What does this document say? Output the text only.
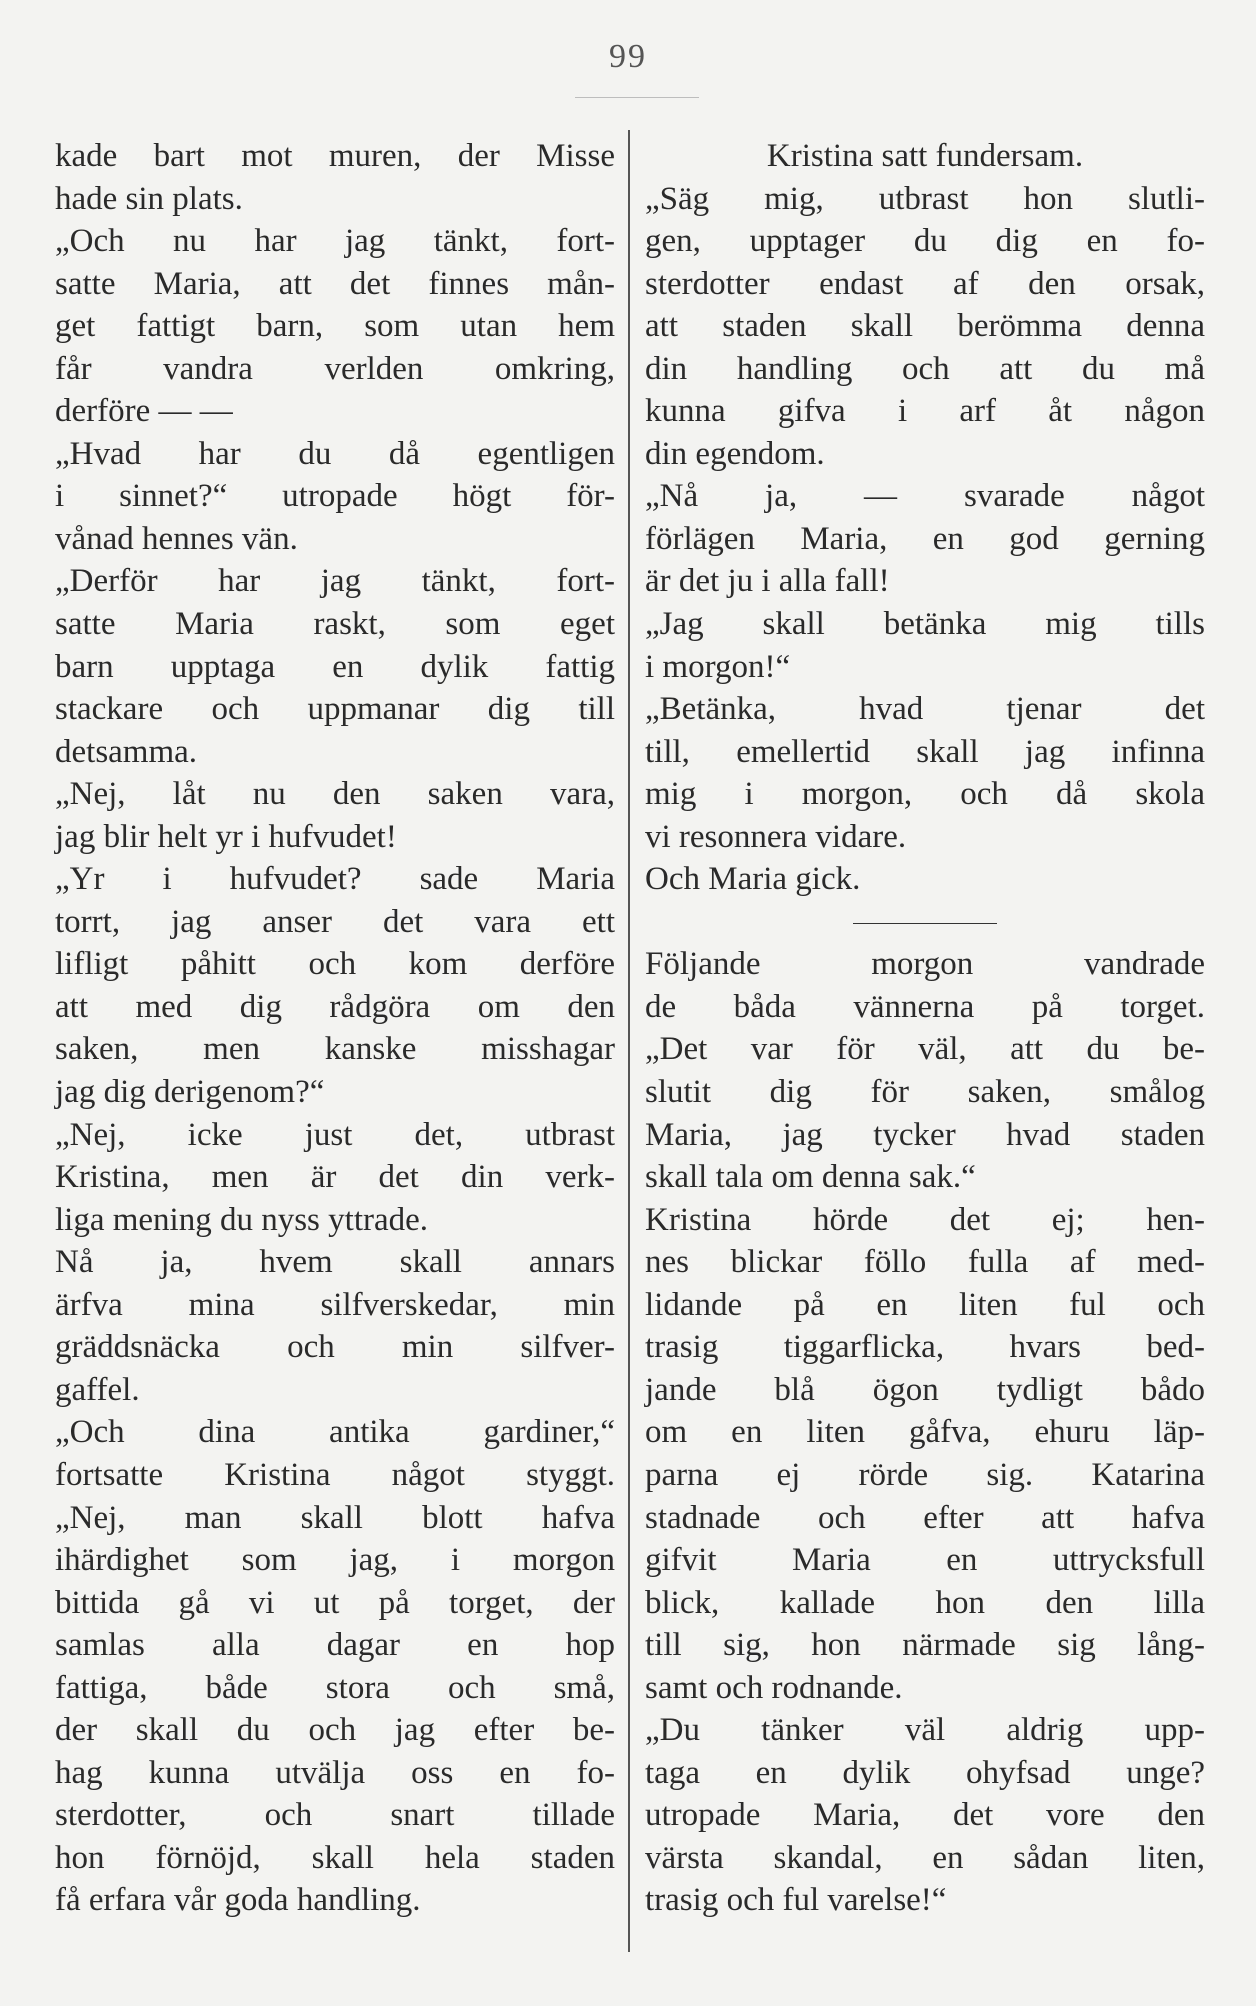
99
kade bart mot muren, der Misse
hade sin plats.
„Och nu har jag tänkt, fort-
satte Maria, att det finnes mån-
get fattigt barn, som utan hem
får vandra verlden omkring,
derföre — —
„Hvad har du då egentligen
i sinnet?“ utropade högt för-
vånad hennes vän.
„Derför har jag tänkt, fort-
satte Maria raskt, som eget
barn upptaga en dylik fattig
stackare och uppmanar dig till
detsamma.
„Nej, låt nu den saken vara,
jag blir helt yr i hufvudet!
„Yr i hufvudet? sade Maria
torrt, jag anser det vara ett
lifligt påhitt och kom derföre
att med dig rådgöra om den
saken, men kanske misshagar
jag dig derigenom?“
„Nej, icke just det, utbrast
Kristina, men är det din verk-
liga mening du nyss yttrade.
Nå ja, hvem skall annars
ärfva mina silfverskedar, min
gräddsnäcka och min silfver-
gaffel.
„Och dina antika gardiner,“
fortsatte Kristina något styggt.
„Nej, man skall blott hafva
ihärdighet som jag, i morgon
bittida gå vi ut på torget, der
samlas alla dagar en hop
fattiga, både stora och små,
der skall du och jag efter be-
hag kunna utvälja oss en fo-
sterdotter, och snart tillade
hon förnöjd, skall hela staden
få erfara vår goda handling.
Kristina satt fundersam.
„Säg mig, utbrast hon slutli-
gen, upptager du dig en fo-
sterdotter endast af den orsak,
att staden skall berömma denna
din handling och att du må
kunna gifva i arf åt någon
din egendom.
„Nå ja, — svarade något
förlägen Maria, en god gerning
är det ju i alla fall!
„Jag skall betänka mig tills
i morgon!“
„Betänka, hvad tjenar det
till, emellertid skall jag infinna
mig i morgon, och då skola
vi resonnera vidare.
Och Maria gick.
Följande morgon vandrade
de båda vännerna på torget.
„Det var för väl, att du be-
slutit dig för saken, smålog
Maria, jag tycker hvad staden
skall tala om denna sak.“
Kristina hörde det ej; hen-
nes blickar föllo fulla af med-
lidande på en liten ful och
trasig tiggarflicka, hvars bed-
jande blå ögon tydligt bådo
om en liten gåfva, ehuru läp-
parna ej rörde sig. Katarina
stadnade och efter att hafva
gifvit Maria en uttrycksfull
blick, kallade hon den lilla
till sig, hon närmade sig lång-
samt och rodnande.
„Du tänker väl aldrig upp-
taga en dylik ohyfsad unge?
utropade Maria, det vore den
värsta skandal, en sådan liten,
trasig och ful varelse!“
